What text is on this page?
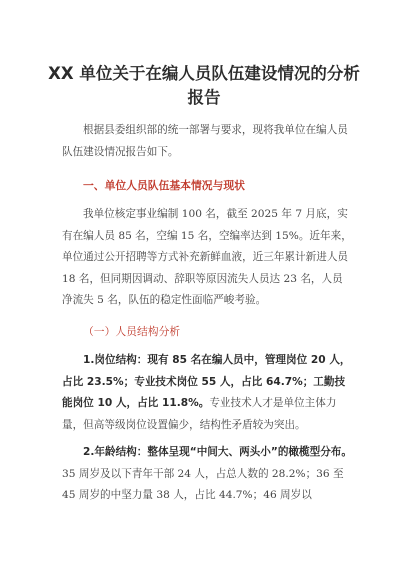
XX 单位关于在编人员队伍建设情况的分析
报告

根据县委组织部的统一部署与要求，现将我单位在编人员队伍建设情况报告如下。

一、单位人员队伍基本情况与现状

我单位核定事业编制 100 名，截至 2025 年 7 月底，实有在编人员 85 名，空编 15 名，空编率达到 15%。近年来，单位通过公开招聘等方式补充新鲜血液，近三年累计新进人员 18 名，但同期因调动、辞职等原因流失人员达 23 名，人员净流失 5 名，队伍的稳定性面临严峻考验。

（一）人员结构分析

1.岗位结构：现有 85 名在编人员中，管理岗位 20 人，占比 23.5%；专业技术岗位 55 人，占比 64.7%；工勤技能岗位 10 人，占比 11.8%。专业技术人才是单位主体力量，但高等级岗位设置偏少，结构性矛盾较为突出。

2.年龄结构：整体呈现“中间大、两头小”的橄榄型分布。35 周岁及以下青年干部 24 人，占总人数的 28.2%；36 至 45 周岁的中坚力量 38 人，占比 44.7%；46 周岁以
